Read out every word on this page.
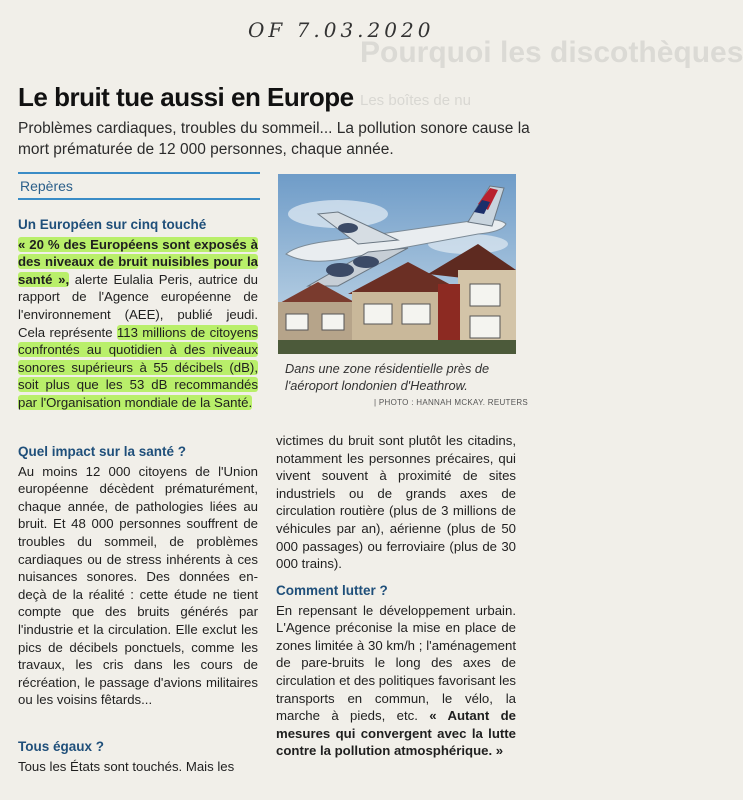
OF 7.03.2020
Pourquoi les discothèques
Les boîtes de nu
Le bruit tue aussi en Europe
Problèmes cardiaques, troubles du sommeil... La pollution sonore cause la mort prématurée de 12 000 personnes, chaque année.
Repères
Un Européen sur cinq touché

« 20 % des Européens sont exposés à des niveaux de bruit nuisibles pour la santé », alerte Eulalia Peris, autrice du rapport de l'Agence européenne de l'environnement (AEE), publié jeudi. Cela représente 113 millions de citoyens confrontés au quotidien à des niveaux sonores supérieurs à 55 décibels (dB), soit plus que les 53 dB recommandés par l'Organisation mondiale de la Santé.

Quel impact sur la santé ?

Au moins 12 000 citoyens de l'Union européenne décèdent prématurément, chaque année, de pathologies liées au bruit. Et 48 000 personnes souffrent de troubles du sommeil, de problèmes cardiaques ou de stress inhérents à ces nuisances sonores. Des données en-deçà de la réalité : cette étude ne tient compte que des bruits générés par l'industrie et la circulation. Elle exclut les pics de décibels ponctuels, comme les travaux, les cris dans les cours de récréation, le passage d'avions militaires ou les voisins fêtards...

Tous égaux ?

Tous les États sont touchés. Mais les

Dans une zone résidentielle près de l'aéroport londonien d'Heathrow.
| PHOTO : HANNAH MCKAY. REUTERS

victimes du bruit sont plutôt les citadins, notamment les personnes précaires, qui vivent souvent à proximité de sites industriels ou de grands axes de circulation routière (plus de 3 millions de véhicules par an), aérienne (plus de 50 000 passages) ou ferroviaire (plus de 30 000 trains).

Comment lutter ?

En repensant le développement urbain. L'Agence préconise la mise en place de zones limitée à 30 km/h ; l'aménagement de pare-bruits le long des axes de circulation et des politiques favorisant les transports en commun, le vélo, la marche à pieds, etc. « Autant de mesures qui convergent avec la lutte contre la pollution atmosphérique. »
